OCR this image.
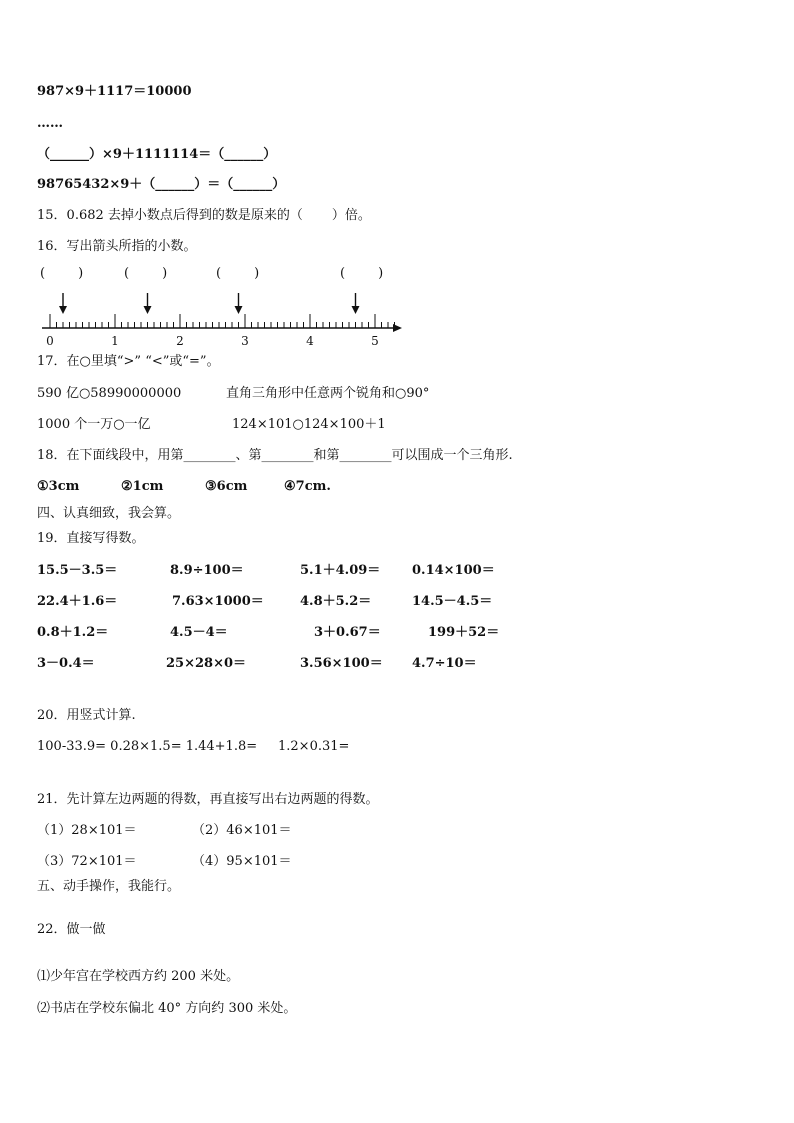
987×9＋1117＝10000
……
（______）×9＋1111114＝（______）
98765432×9＋（______）＝（______）
15．0.682 去掉小数点后得到的数是原来的（       ）倍。
16．写出箭头所指的小数。
(        )	(        )	(        )	(        )
0	1	2	3	4	5
17．在○里填“>” “<”或“=”。
590 亿○58990000000	直角三角形中任意两个锐角和○90°
1000 个一万○一亿	124×101○124×100＋1
18．在下面线段中，用第________、第________和第________可以围成一个三角形.
①3cm	②1cm	③6cm	④7cm.
四、认真细致，我会算。
19．直接写得数。
15.5－3.5＝	8.9÷100＝	5.1＋4.09＝ 0.14×100＝
22.4＋1.6＝	7.63×1000＝	4.8＋5.2＝	14.5－4.5＝
0.8＋1.2＝	4.5－4＝	3＋0.67＝	199＋52＝
3－0.4＝	25×28×0＝	3.56×100＝ 4.7÷10＝
20．用竖式计算.
100-33.9= 0.28×1.5= 1.44+1.8= 1.2×0.31=
21．先计算左边两题的得数，再直接写出右边两题的得数。
（1）28×101＝	（2）46×101＝
（3）72×101＝	（4）95×101＝
五、动手操作，我能行。
22．做一做
⑴少年宫在学校西方约 200 米处。
⑵书店在学校东偏北 40° 方向约 300 米处。
